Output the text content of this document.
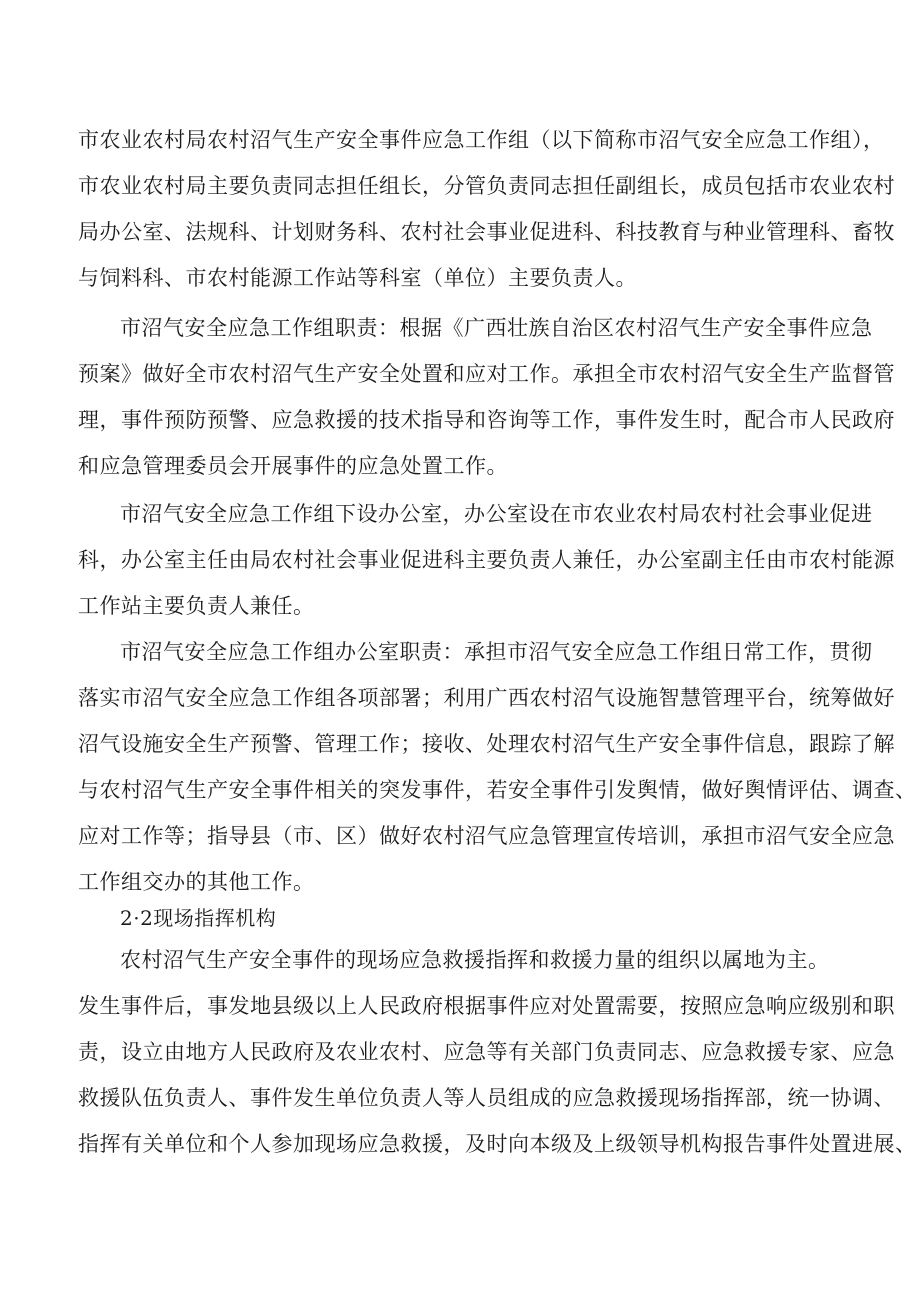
市农业农村局农村沼气生产安全事件应急工作组（以下简称市沼气安全应急工作组），
市农业农村局主要负责同志担任组长，分管负责同志担任副组长，成员包括市农业农村
局办公室、法规科、计划财务科、农村社会事业促进科、科技教育与种业管理科、畜牧
与饲料科、市农村能源工作站等科室（单位）主要负责人。
市沼气安全应急工作组职责：根据《广西壮族自治区农村沼气生产安全事件应急
预案》做好全市农村沼气生产安全处置和应对工作。承担全市农村沼气安全生产监督管
理，事件预防预警、应急救援的技术指导和咨询等工作，事件发生时，配合市人民政府
和应急管理委员会开展事件的应急处置工作。
市沼气安全应急工作组下设办公室，办公室设在市农业农村局农村社会事业促进
科，办公室主任由局农村社会事业促进科主要负责人兼任，办公室副主任由市农村能源
工作站主要负责人兼任。
市沼气安全应急工作组办公室职责：承担市沼气安全应急工作组日常工作，贯彻
落实市沼气安全应急工作组各项部署；利用广西农村沼气设施智慧管理平台，统筹做好
沼气设施安全生产预警、管理工作；接收、处理农村沼气生产安全事件信息，跟踪了解
与农村沼气生产安全事件相关的突发事件，若安全事件引发舆情，做好舆情评估、调查、
应对工作等；指导县（市、区）做好农村沼气应急管理宣传培训，承担市沼气安全应急
工作组交办的其他工作。
2·2现场指挥机构
农村沼气生产安全事件的现场应急救援指挥和救援力量的组织以属地为主。
发生事件后，事发地县级以上人民政府根据事件应对处置需要，按照应急响应级别和职
责，设立由地方人民政府及农业农村、应急等有关部门负责同志、应急救援专家、应急
救援队伍负责人、事件发生单位负责人等人员组成的应急救援现场指挥部，统一协调、
指挥有关单位和个人参加现场应急救援，及时向本级及上级领导机构报告事件处置进展、
